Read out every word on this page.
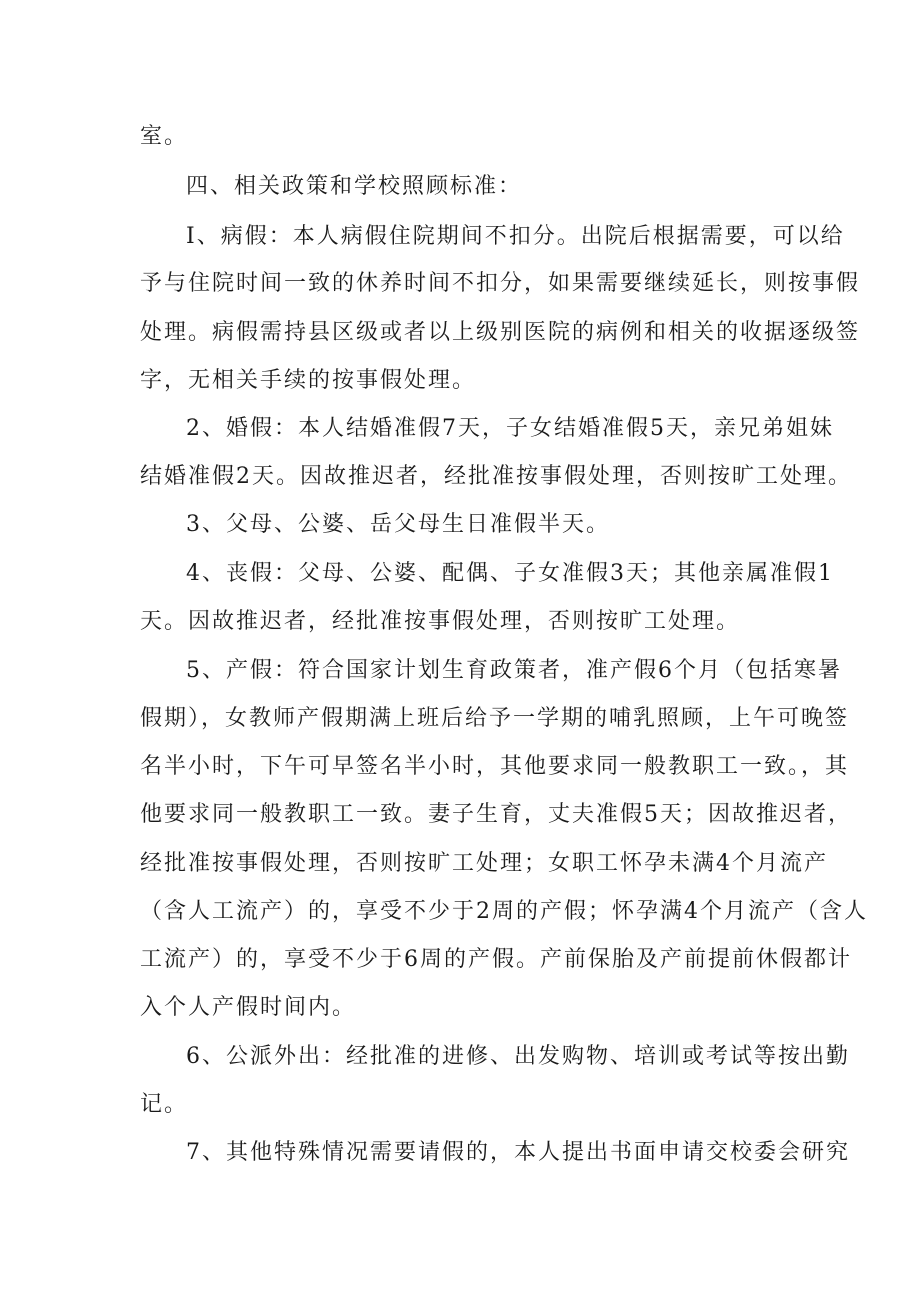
室。
四、相关政策和学校照顾标准：
I、病假：本人病假住院期间不扣分。出院后根据需要，可以给
予与住院时间一致的休养时间不扣分，如果需要继续延长，则按事假
处理。病假需持县区级或者以上级别医院的病例和相关的收据逐级签
字，无相关手续的按事假处理。
2、婚假：本人结婚准假7天，子女结婚准假5天，亲兄弟姐妹
结婚准假2天。因故推迟者，经批准按事假处理，否则按旷工处理。
3、父母、公婆、岳父母生日准假半天。
4、丧假：父母、公婆、配偶、子女准假3天；其他亲属准假1
天。因故推迟者，经批准按事假处理，否则按旷工处理。
5、产假：符合国家计划生育政策者，准产假6个月（包括寒暑
假期），女教师产假期满上班后给予一学期的哺乳照顾，上午可晚签
名半小时，下午可早签名半小时，其他要求同一般教职工一致。，其
他要求同一般教职工一致。妻子生育，丈夫准假5天；因故推迟者，
经批准按事假处理，否则按旷工处理；女职工怀孕未满4个月流产
（含人工流产）的，享受不少于2周的产假；怀孕满4个月流产（含人
工流产）的，享受不少于6周的产假。产前保胎及产前提前休假都计
入个人产假时间内。
6、公派外出：经批准的进修、出发购物、培训或考试等按出勤
记。
7、其他特殊情况需要请假的，本人提出书面申请交校委会研究
